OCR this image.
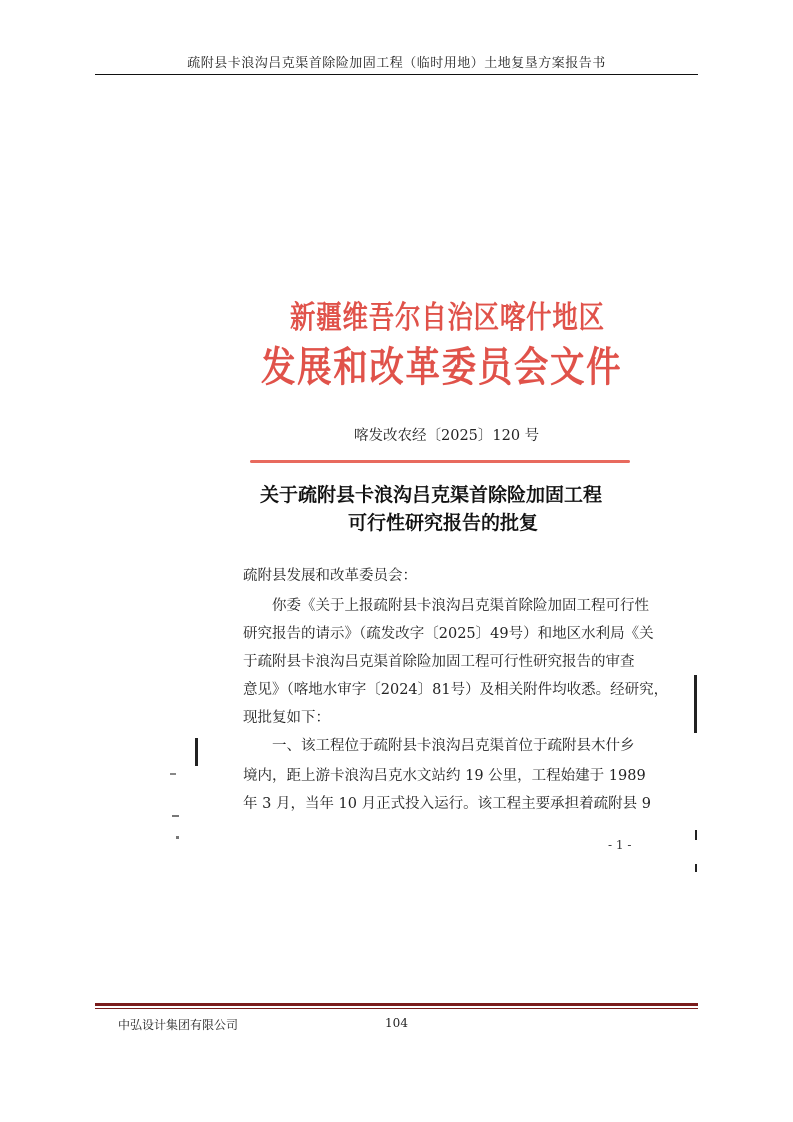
疏附县卡浪沟吕克渠首除险加固工程（临时用地）土地复垦方案报告书
新疆维吾尔自治区喀什地区
发展和改革委员会文件
喀发改农经〔2025〕120 号
关于疏附县卡浪沟吕克渠首除险加固工程
可行性研究报告的批复
疏附县发展和改革委员会：
　　你委《关于上报疏附县卡浪沟吕克渠首除险加固工程可行性
研究报告的请示》（疏发改字〔2025〕49号）和地区水利局《关
于疏附县卡浪沟吕克渠首除险加固工程可行性研究报告的审查
意见》（喀地水审字〔2024〕81号）及相关附件均收悉。经研究，
现批复如下：
　　一、该工程位于疏附县卡浪沟吕克渠首位于疏附县木什乡
境内，距上游卡浪沟吕克水文站约 19 公里，工程始建于 1989
年 3 月，当年 10 月正式投入运行。该工程主要承担着疏附县 9
- 1 -
中弘设计集团有限公司	104
